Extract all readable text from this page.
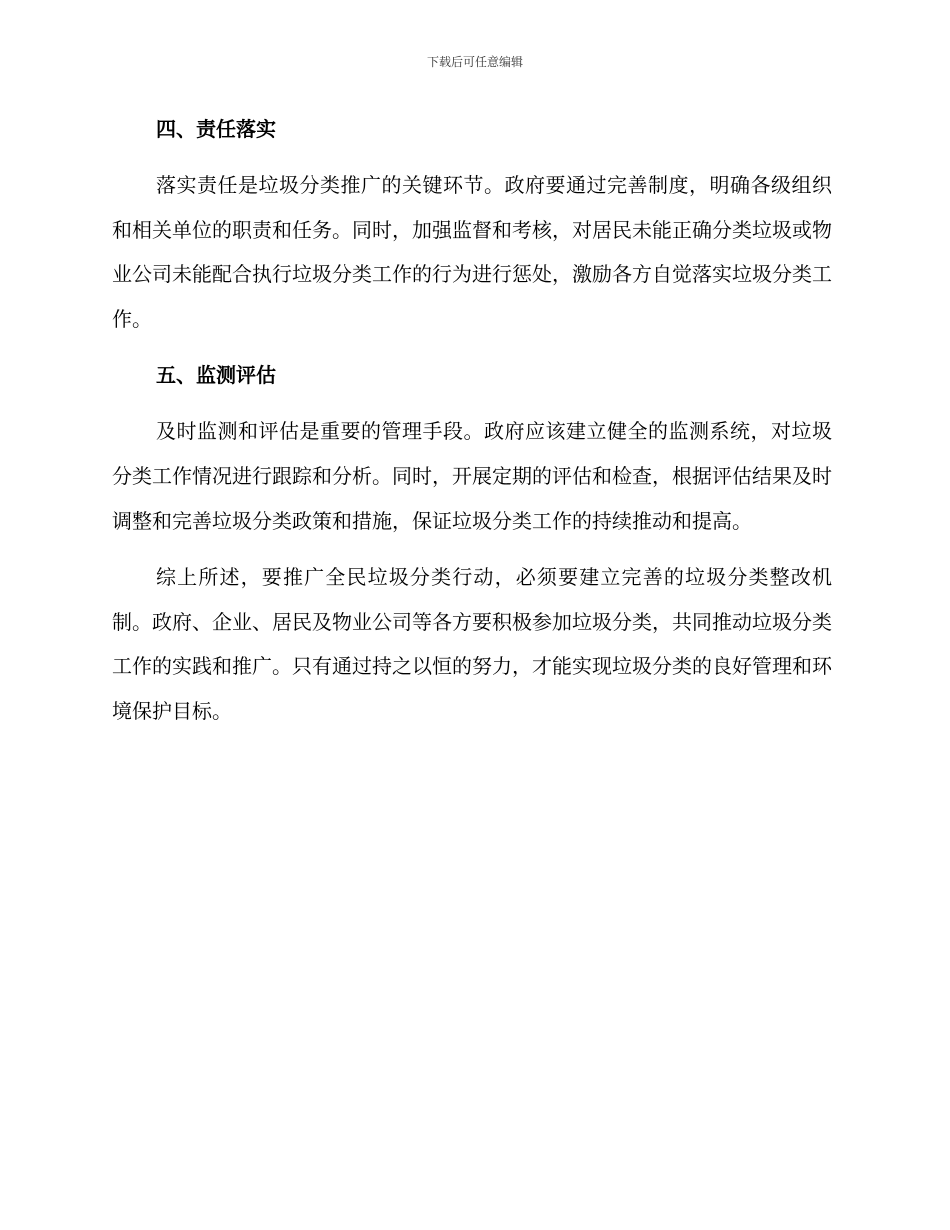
下载后可任意编辑
四、责任落实

落实责任是垃圾分类推广的关键环节。政府要通过完善制度，明确各级组织和相关单位的职责和任务。同时，加强监督和考核，对居民未能正确分类垃圾或物业公司未能配合执行垃圾分类工作的行为进行惩处，激励各方自觉落实垃圾分类工作。

五、监测评估

及时监测和评估是重要的管理手段。政府应该建立健全的监测系统，对垃圾分类工作情况进行跟踪和分析。同时，开展定期的评估和检查，根据评估结果及时调整和完善垃圾分类政策和措施，保证垃圾分类工作的持续推动和提高。

综上所述，要推广全民垃圾分类行动，必须要建立完善的垃圾分类整改机制。政府、企业、居民及物业公司等各方要积极参加垃圾分类，共同推动垃圾分类工作的实践和推广。只有通过持之以恒的努力，才能实现垃圾分类的良好管理和环境保护目标。
